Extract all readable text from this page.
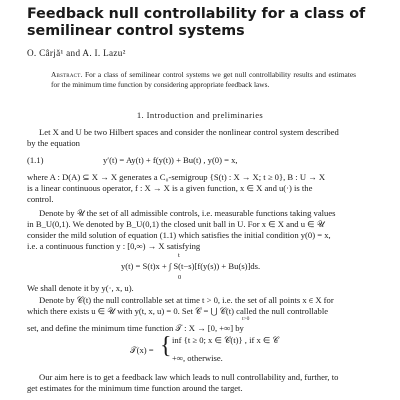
Feedback null controllability for a class of semilinear control systems
O. Cârjă¹ and A. I. Lazu²
Abstract. For a class of semilinear control systems we get null controllability results and estimates for the minimum time function by considering appropriate feedback laws.
1. Introduction and preliminaries
Let X and U be two Hilbert spaces and consider the nonlinear control system described
by the equation
(1.1)	y′(t) = Ay(t) + f(y(t)) + Bu(t) , y(0) = x,
where A : D(A) ⊆ X → X generates a C₀-semigroup {S(t) : X → X; t ≥ 0}, B : U → X
is a linear continuous operator, f : X → X is a given function, x ∈ X and u(·) is the
control.
Denote by 𝒰 the set of all admissible controls, i.e. measurable functions taking values
in B_U(0,1). We denoted by B_U(0,1) the closed unit ball in U. For x ∈ X and u ∈ 𝒰
consider the mild solution of equation (1.1) which satisfies the initial condition y(0) = x,
i.e. a continuous function y : [0,∞) → X satisfying
y(t) = S(t)x + ∫ S(t−s)[f(y(s)) + Bu(s)]ds.
t
0
We shall denote it by y(·, x, u).
Denote by 𝒞(t) the null controllable set at time t > 0, i.e. the set of all points x ∈ X for
which there exists u ∈ 𝒰 with y(t, x, u) = 0. Set 𝒞 = ⋃ 𝒞(t) called the null controllable
t>0
set, and define the minimum time function 𝒯 : X → [0, +∞] by
𝒯(x) = { inf {t ≥ 0; x ∈ 𝒞(t)} , if x ∈ 𝒞
+∞, otherwise.
Our aim here is to get a feedback law which leads to null controllability and, further, to
get estimates for the minimum time function around the target.
